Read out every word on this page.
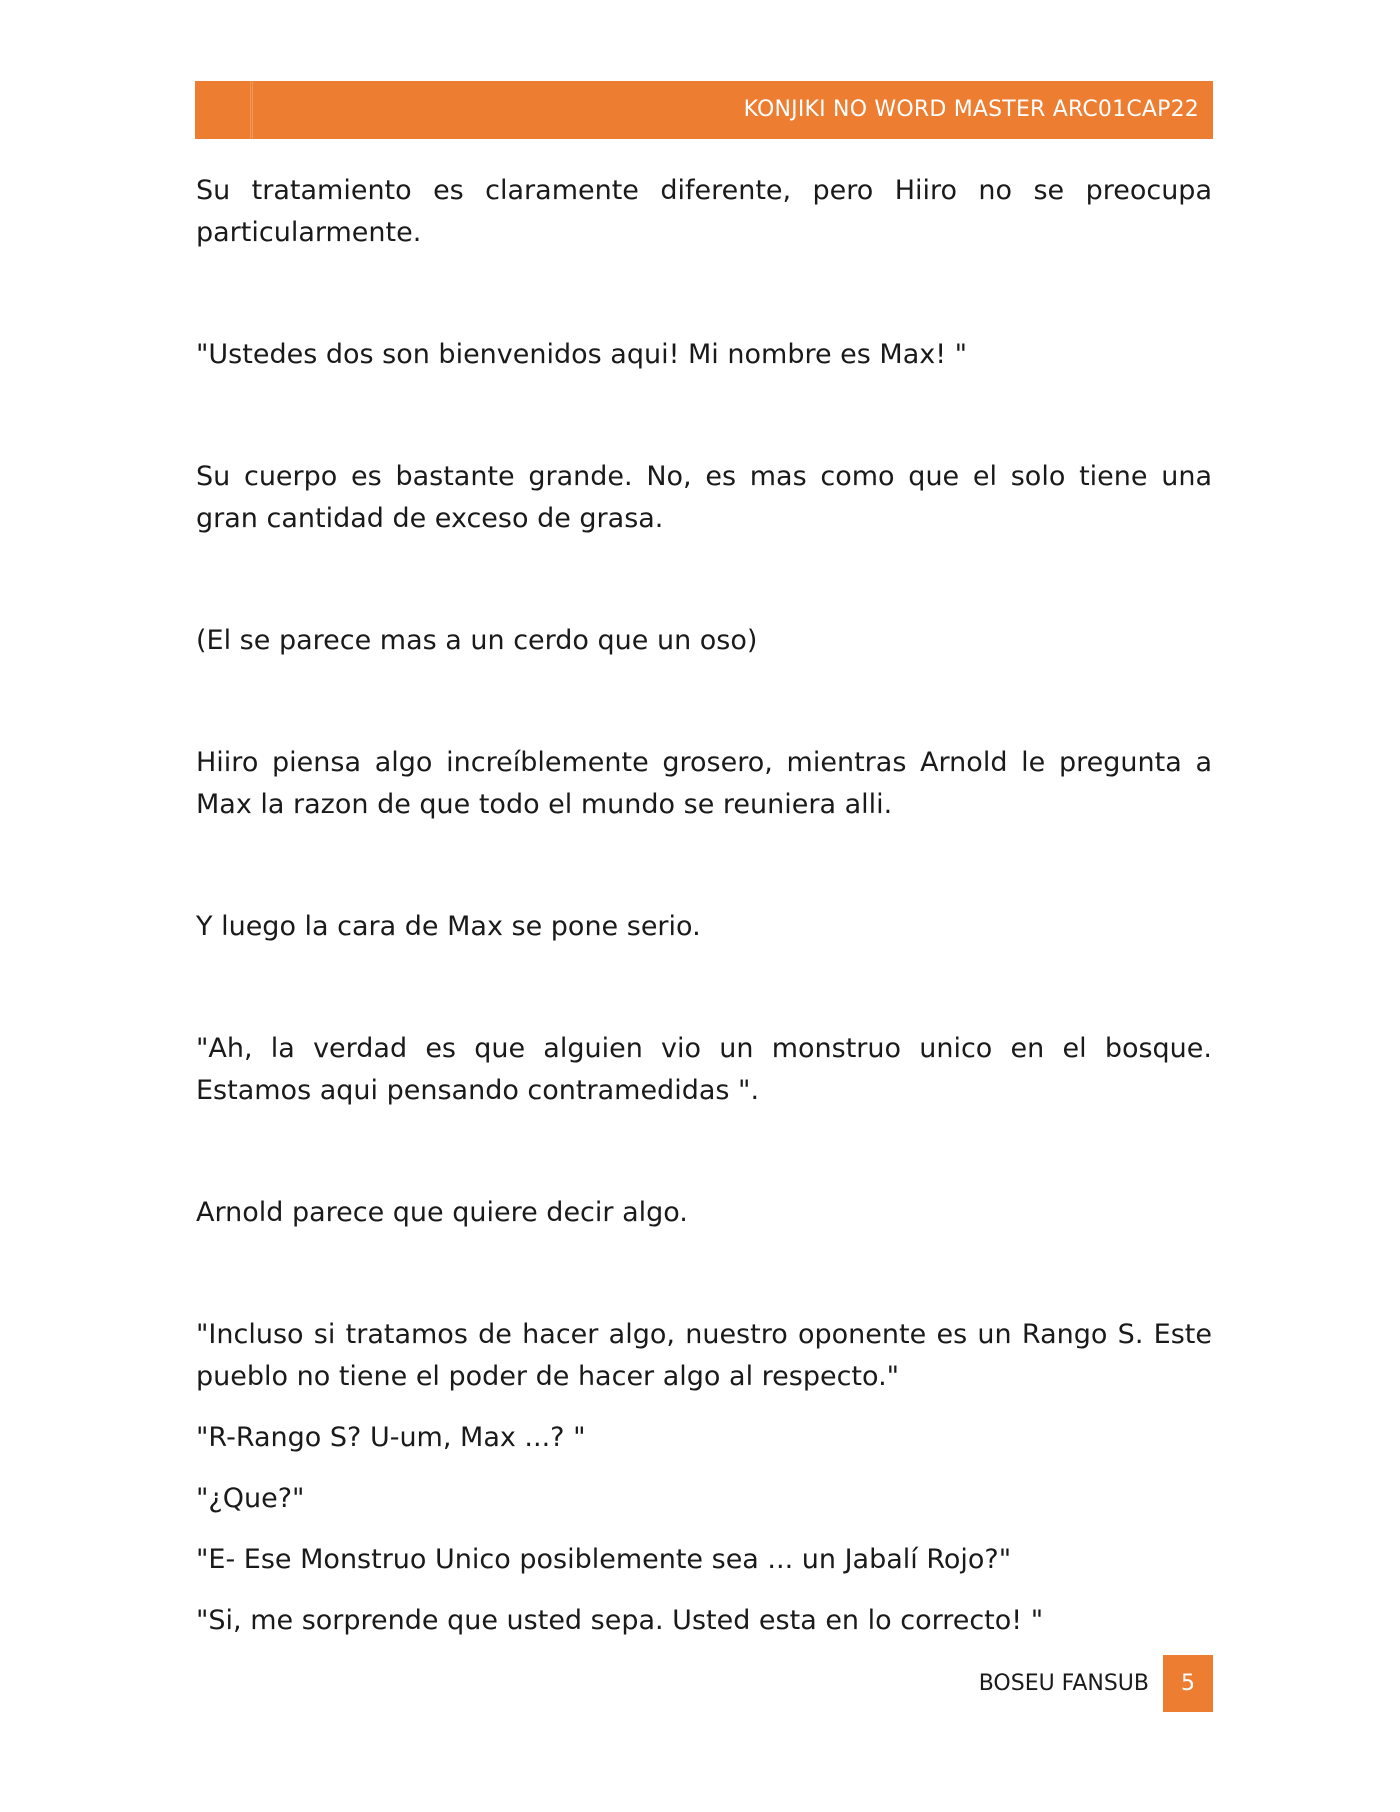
KONJIKI NO WORD MASTER ARC01CAP22

Su tratamiento es claramente diferente, pero Hiiro no se preocupa particularmente.

"Ustedes dos son bienvenidos aqui! Mi nombre es Max! "

Su cuerpo es bastante grande. No, es mas como que el solo tiene una gran cantidad de exceso de grasa.

(El se parece mas a un cerdo que un oso)

Hiiro piensa algo increíblemente grosero, mientras Arnold le pregunta a Max la razon de que todo el mundo se reuniera alli.

Y luego la cara de Max se pone serio.

"Ah, la verdad es que alguien vio un monstruo unico en el bosque. Estamos aqui pensando contramedidas ".

Arnold parece que quiere decir algo.

"Incluso si tratamos de hacer algo, nuestro oponente es un Rango S. Este pueblo no tiene el poder de hacer algo al respecto."

"R-Rango S? U-um, Max ...? "

"¿Que?"

"E- Ese Monstruo Unico posiblemente sea ... un Jabalí Rojo?"

"Si, me sorprende que usted sepa. Usted esta en lo correcto! "

BOSEU FANSUB	5
